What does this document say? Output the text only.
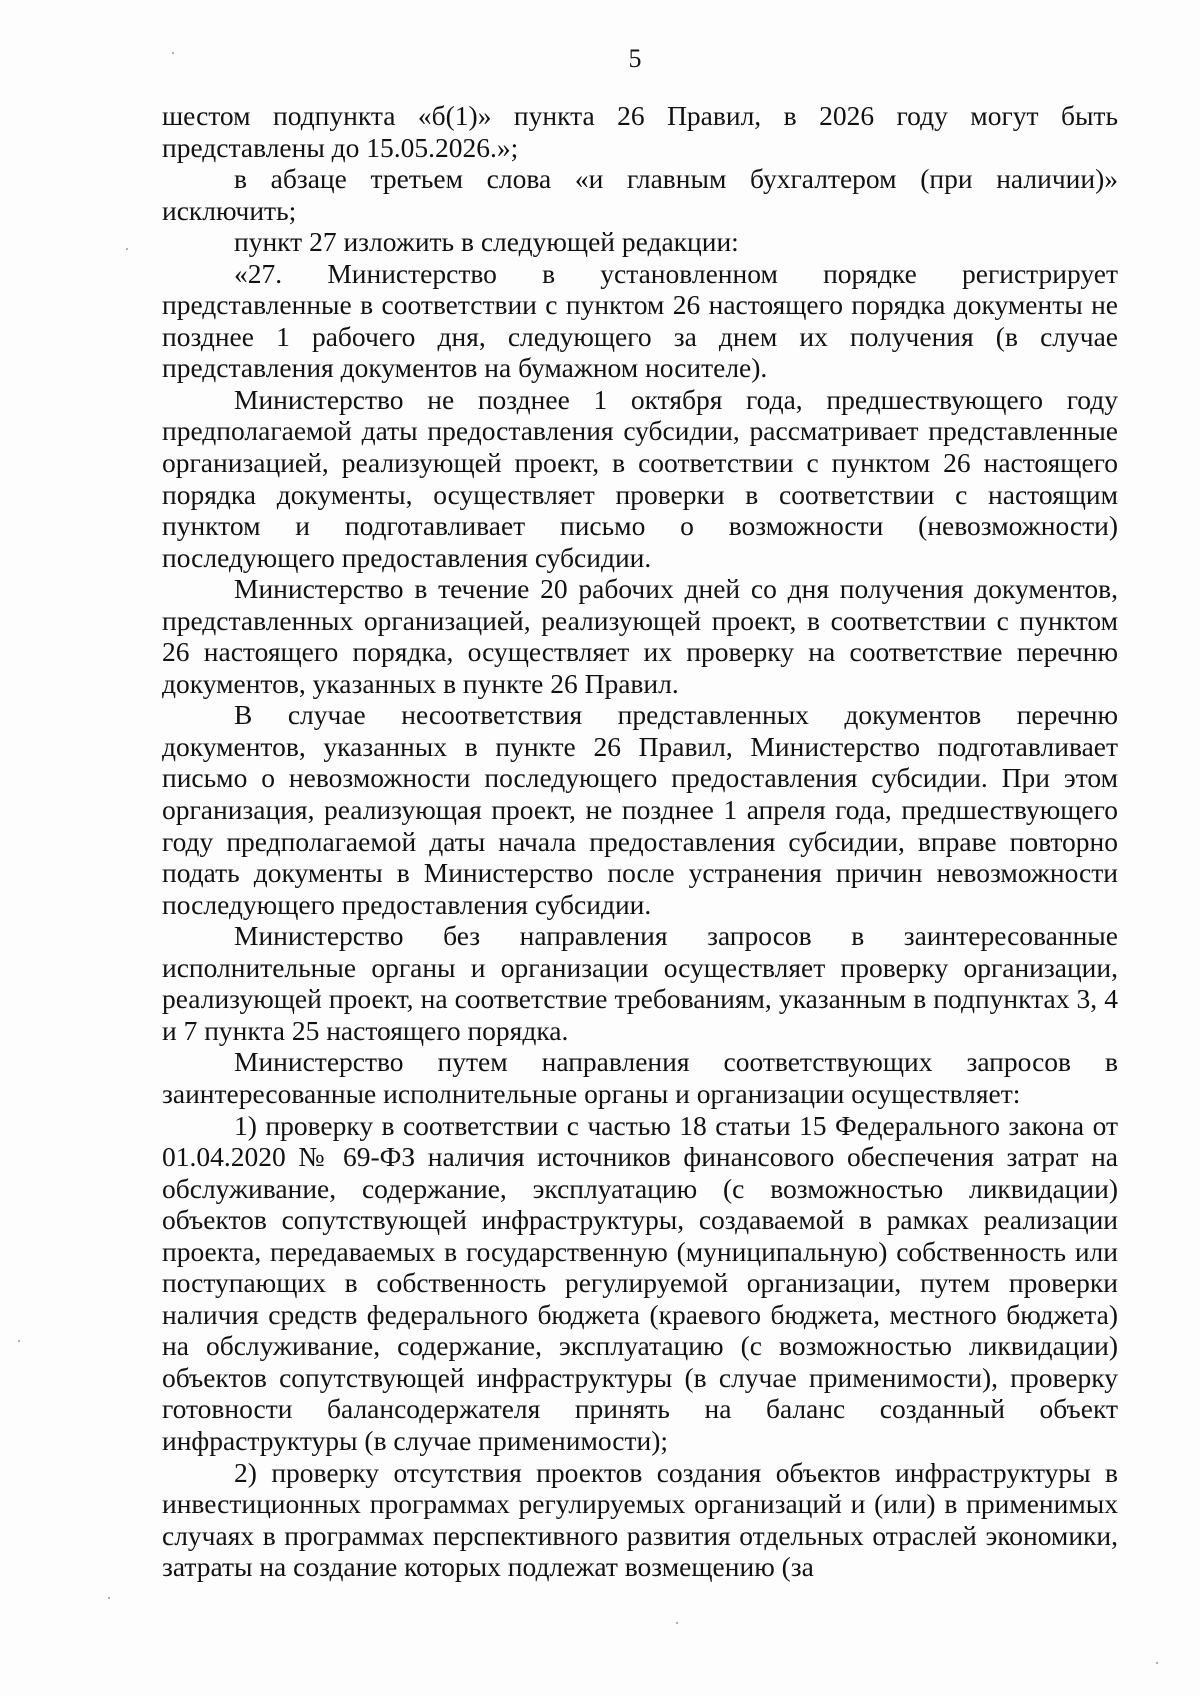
5

шестом подпункта «б(1)» пункта 26 Правил, в 2026 году могут быть представлены до 15.05.2026.»;

в абзаце третьем слова «и главным бухгалтером (при наличии)» исключить;

пункт 27 изложить в следующей редакции:

«27. Министерство в установленном порядке регистрирует представленные в соответствии с пунктом 26 настоящего порядка документы не позднее 1 рабочего дня, следующего за днем их получения (в случае представления документов на бумажном носителе).

Министерство не позднее 1 октября года, предшествующего году предполагаемой даты предоставления субсидии, рассматривает представленные организацией, реализующей проект, в соответствии с пунктом 26 настоящего порядка документы, осуществляет проверки в соответствии с настоящим пунктом и подготавливает письмо о возможности (невозможности) последующего предоставления субсидии.

Министерство в течение 20 рабочих дней со дня получения документов, представленных организацией, реализующей проект, в соответствии с пунктом 26 настоящего порядка, осуществляет их проверку на соответствие перечню документов, указанных в пункте 26 Правил.

В случае несоответствия представленных документов перечню документов, указанных в пункте 26 Правил, Министерство подготавливает письмо о невозможности последующего предоставления субсидии. При этом организация, реализующая проект, не позднее 1 апреля года, предшествующего году предполагаемой даты начала предоставления субсидии, вправе повторно подать документы в Министерство после устранения причин невозможности последующего предоставления субсидии.

Министерство без направления запросов в заинтересованные исполнительные органы и организации осуществляет проверку организации, реализующей проект, на соответствие требованиям, указанным в подпунктах 3, 4 и 7 пункта 25 настоящего порядка.

Министерство путем направления соответствующих запросов в заинтересованные исполнительные органы и организации осуществляет:

1) проверку в соответствии с частью 18 статьи 15 Федерального закона от 01.04.2020 № 69-ФЗ наличия источников финансового обеспечения затрат на обслуживание, содержание, эксплуатацию (с возможностью ликвидации) объектов сопутствующей инфраструктуры, создаваемой в рамках реализации проекта, передаваемых в государственную (муниципальную) собственность или поступающих в собственность регулируемой организации, путем проверки наличия средств федерального бюджета (краевого бюджета, местного бюджета) на обслуживание, содержание, эксплуатацию (с возможностью ликвидации) объектов сопутствующей инфраструктуры (в случае применимости), проверку готовности балансодержателя принять на баланс созданный объект инфраструктуры (в случае применимости);

2) проверку отсутствия проектов создания объектов инфраструктуры в инвестиционных программах регулируемых организаций и (или) в применимых случаях в программах перспективного развития отдельных отраслей экономики, затраты на создание которых подлежат возмещению (за
